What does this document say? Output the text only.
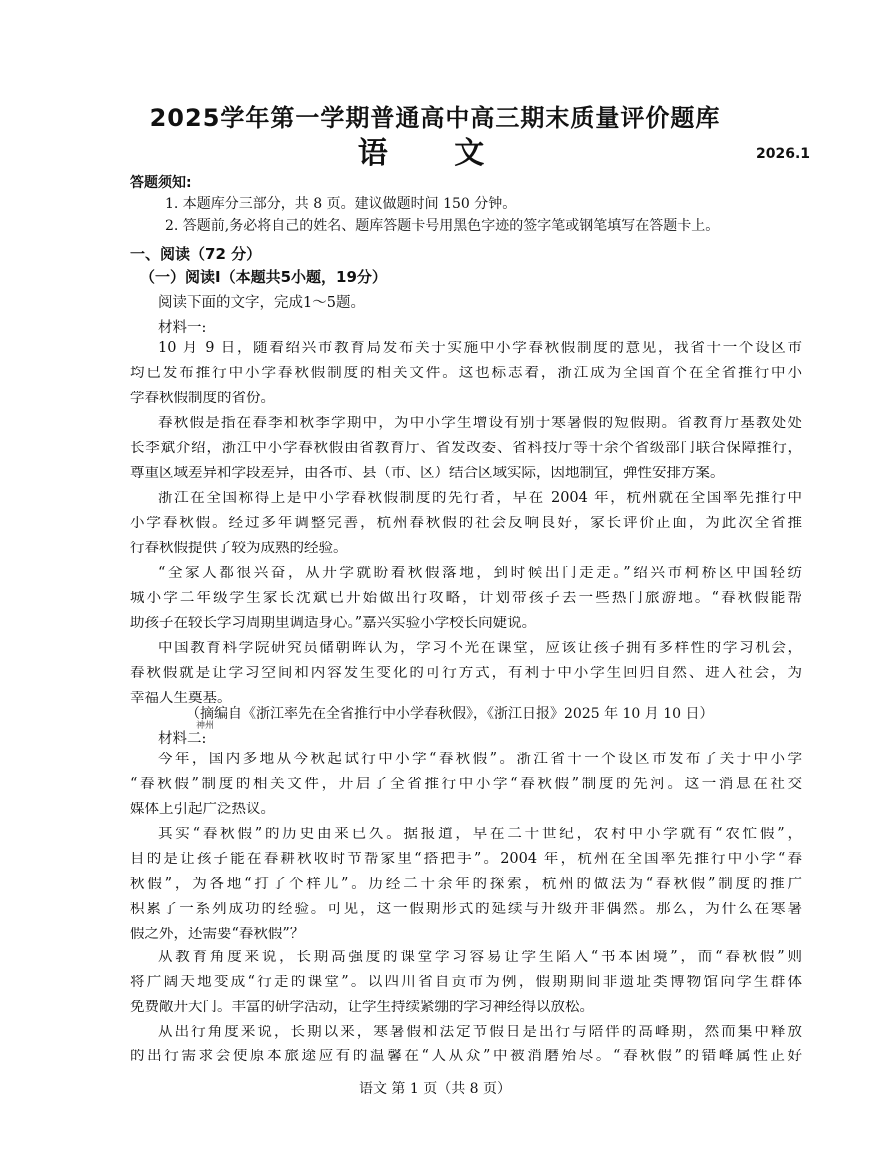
2025学年第一学期普通高中高三期末质量评价题库
语 文	2026.1
答题须知:
1. 本题库分三部分，共 8 页。建议做题时间 150 分钟。
2. 答题前,务必将自己的姓名、题库答题卡号用黑色字迹的签字笔或钢笔填写在答题卡上。
一、阅读（72 分）
（一）阅读Ⅰ（本题共5小题，19分）
阅读下面的文字，完成1～5题。
材料一:
10 月 9 日，随着绍兴市教育局发布关于实施中小学春秋假制度的意见，我省十一个设区市
均已发布推行中小学春秋假制度的相关文件。这也标志着，浙江成为全国首个在全省推行中小
学春秋假制度的省份。
春秋假是指在春季和秋季学期中，为中小学生增设有别于寒暑假的短假期。省教育厅基教处处
长李斌介绍，浙江中小学春秋假由省教育厅、省发改委、省科技厅等十余个省级部门联合保障推行，
尊重区域差异和学段差异，由各市、县（市、区）结合区域实际，因地制宜，弹性安排方案。
浙江在全国称得上是中小学春秋假制度的先行者，早在 2004 年，杭州就在全国率先推行中
小学春秋假。经过多年调整完善，杭州春秋假的社会反响良好，家长评价正面，为此次全省推
行春秋假提供了较为成熟的经验。
“全家人都很兴奋，从开学就盼着秋假落地，到时候出门走走。”绍兴市柯桥区中国轻纺
城小学二年级学生家长沈斌已开始做出行攻略，计划带孩子去一些热门旅游地。“春秋假能帮
助孩子在较长学习周期里调适身心。”嘉兴实验小学校长向婕说。
中国教育科学院研究员储朝晖认为，学习不光在课堂，应该让孩子拥有多样性的学习机会，
春秋假就是让学习空间和内容发生变化的可行方式，有利于中小学生回归自然、进入社会，为
幸福人生奠基。
（摘编自《浙江率先在全省推行中小学春秋假》，《浙江日报》2025 年 10 月 10 日）
神州
材料二:
今年，国内多地从今秋起试行中小学“春秋假”。浙江省十一个设区市发布了关于中小学
“春秋假”制度的相关文件，开启了全省推行中小学“春秋假”制度的先河。这一消息在社交
媒体上引起广泛热议。
其实“春秋假”的历史由来已久。据报道，早在二十世纪，农村中小学就有“农忙假”，
目的是让孩子能在春耕秋收时节帮家里“搭把手”。2004 年，杭州在全国率先推行中小学“春
秋假”，为各地“打了个样儿”。历经二十余年的探索，杭州的做法为“春秋假”制度的推广
积累了一系列成功的经验。可见，这一假期形式的延续与升级并非偶然。那么，为什么在寒暑
假之外，还需要“春秋假”？
从教育角度来说，长期高强度的课堂学习容易让学生陷入“书本困境”，而“春秋假”则
将广阔天地变成“行走的课堂”。以四川省自贡市为例，假期期间非遗址类博物馆向学生群体
免费敞开大门。丰富的研学活动，让学生持续紧绷的学习神经得以放松。
从出行角度来说，长期以来，寒暑假和法定节假日是出行与陪伴的高峰期，然而集中释放
语文 第 1 页（共 8 页）
的出行需求会使原本旅途应有的温馨在“人从众”中被消磨殆尽。“春秋假”的错峰属性正好
